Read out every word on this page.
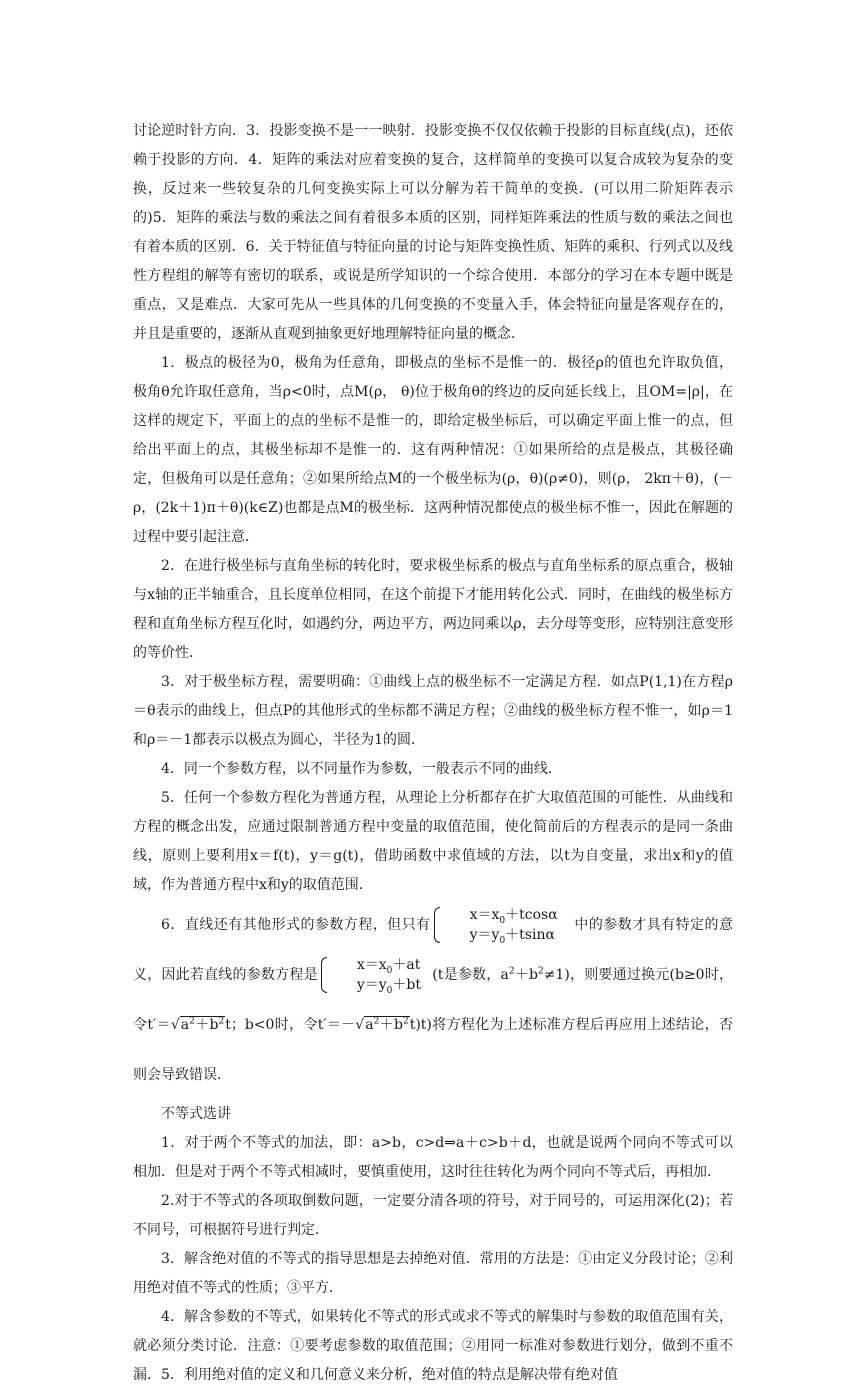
讨论逆时针方向．3．投影变换不是一一映射．投影变换不仅仅依赖于投影的目标直线(点)，还依赖于投影的方向．4．矩阵的乘法对应着变换的复合，这样简单的变换可以复合成较为复杂的变换，反过来一些较复杂的几何变换实际上可以分解为若干简单的变换．(可以用二阶矩阵表示的)5．矩阵的乘法与数的乘法之间有着很多本质的区别，同样矩阵乘法的性质与数的乘法之间也有着本质的区别．6．关于特征值与特征向量的讨论与矩阵变换性质、矩阵的乘积、行列式以及线性方程组的解等有密切的联系，或说是所学知识的一个综合使用．本部分的学习在本专题中既是重点，又是难点．大家可先从一些具体的几何变换的不变量入手，体会特征向量是客观存在的，并且是重要的，逐渐从直观到抽象更好地理解特征向量的概念．

1．极点的极径为0，极角为任意角，即极点的坐标不是惟一的．极径ρ的值也允许取负值，极角θ允许取任意角，当ρ<0时，点M(ρ， θ)位于极角θ的终边的反向延长线上，且OM=|ρ|，在这样的规定下，平面上的点的坐标不是惟一的，即给定极坐标后，可以确定平面上惟一的点，但给出平面上的点，其极坐标却不是惟一的．这有两种情况：①如果所给的点是极点，其极径确定，但极角可以是任意角；②如果所给点M的一个极坐标为(ρ，θ)(ρ≠0)，则(ρ， 2kπ＋θ)，(－ρ，(2k＋1)π＋θ)(k∈Z)也都是点M的极坐标．这两种情况都使点的极坐标不惟一，因此在解题的过程中要引起注意．

2．在进行极坐标与直角坐标的转化时，要求极坐标系的极点与直角坐标系的原点重合，极轴与x轴的正半轴重合，且长度单位相同，在这个前提下才能用转化公式．同时，在曲线的极坐标方程和直角坐标方程互化时，如遇约分，两边平方，两边同乘以ρ，去分母等变形，应特别注意变形的等价性．

3．对于极坐标方程，需要明确：①曲线上点的极坐标不一定满足方程．如点P(1,1)在方程ρ＝θ表示的曲线上，但点P的其他形式的坐标都不满足方程；②曲线的极坐标方程不惟一，如ρ＝1和ρ＝－1都表示以极点为圆心，半径为1的圆．

4．同一个参数方程，以不同量作为参数，一般表示不同的曲线．

5．任何一个参数方程化为普通方程，从理论上分析都存在扩大取值范围的可能性．从曲线和方程的概念出发，应通过限制普通方程中变量的取值范围，使化简前后的方程表示的是同一条曲线，原则上要利用x＝f(t)，y＝g(t)，借助函数中求值域的方法，以t为自变量，求出x和y的值域，作为普通方程中x和y的取值范围．

6．直线还有其他形式的参数方程，但只有
$x=x_0+tcos\alpha$
$y=y_0+tsin\alpha$
中的参数才具有特定的意义，因此若直线的参数方程是
$x=x_0+at$
$y=y_0+bt$
(t是参数，$a^2+b^2\ne 1$)，则要通过换元(b≥0时，令$t'=√a^2+b^2t$；b<0时，令$t'=-√a^2+b^2t)t$)将方程化为上述标准方程后再应用上述结论，否则会导致错误．

不等式选讲

1．对于两个不等式的加法，即：a>b，c>d⇒a＋c>b＋d，也就是说两个同向不等式可以相加．但是对于两个不等式相减时，要慎重使用，这时往往转化为两个同向不等式后，再相加．

2.对于不等式的各项取倒数问题，一定要分清各项的符号，对于同号的，可运用深化(2)；若不同号，可根据符号进行判定．

3．解含绝对值的不等式的指导思想是去掉绝对值．常用的方法是：①由定义分段讨论；②利用绝对值不等式的性质；③平方．

4．解含参数的不等式，如果转化不等式的形式或求不等式的解集时与参数的取值范围有关，就必须分类讨论．注意：①要考虑参数的取值范围；②用同一标准对参数进行划分，做到不重不漏．5．利用绝对值的定义和几何意义来分析，绝对值的特点是解决带有绝对值
